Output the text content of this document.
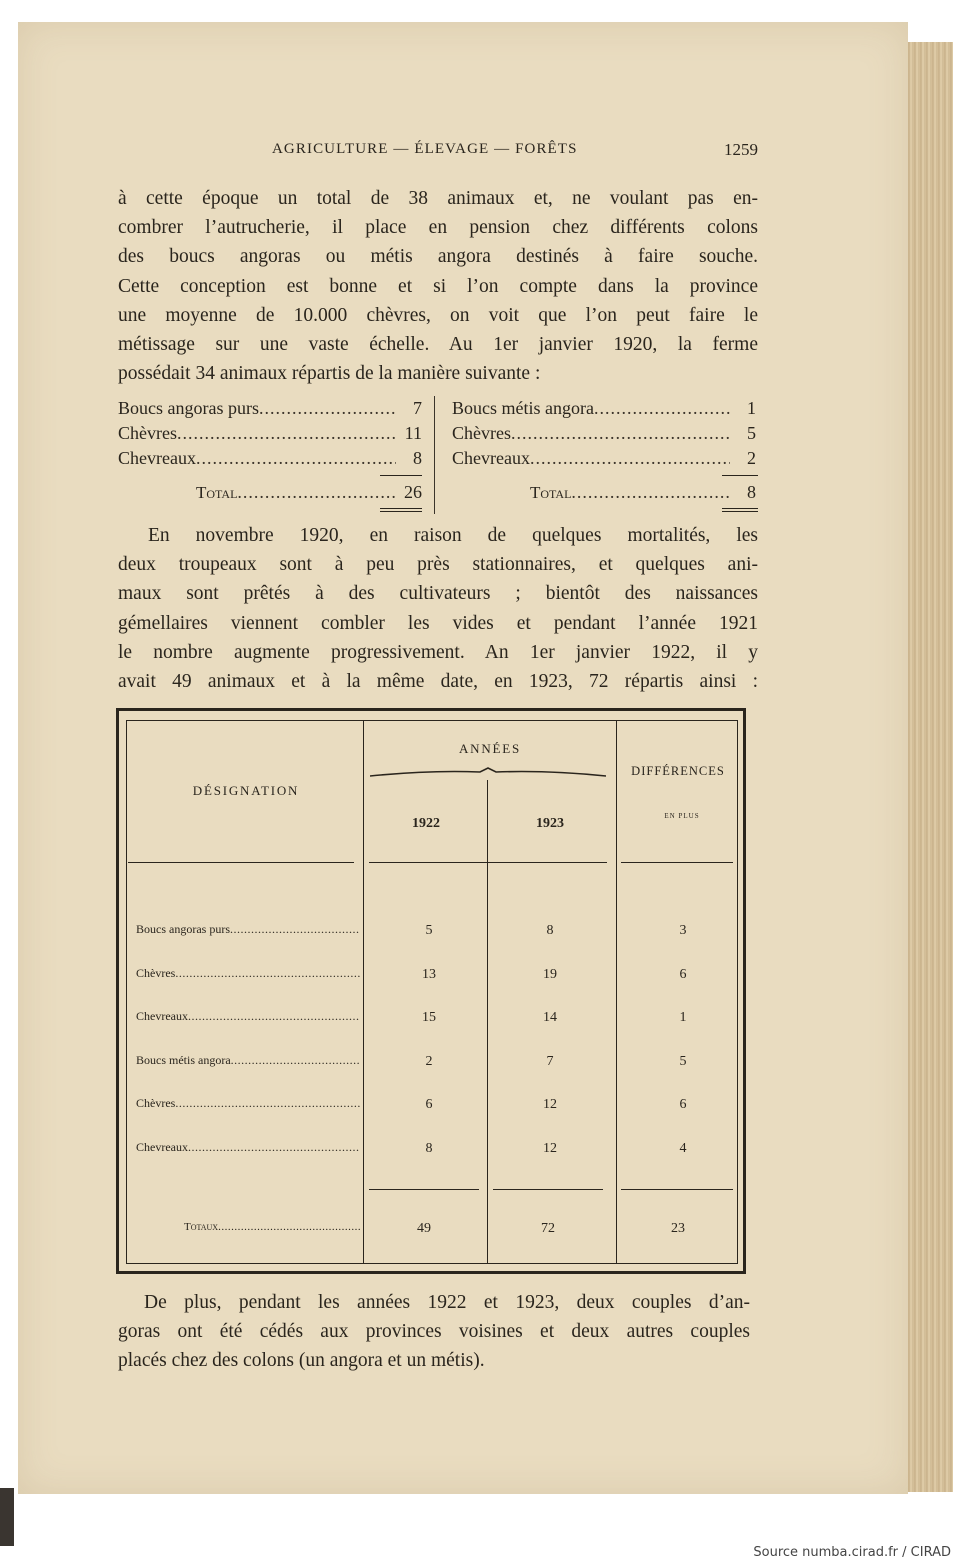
AGRICULTURE — ÉLEVAGE — FORÊTS	1259
à cette époque un total de 38 animaux et, ne voulant pas en-
combrer l’autrucherie, il place en pension chez différents colons
des boucs angoras ou métis angora destinés à faire souche.
Cette conception est bonne et si l’on compte dans la province
une moyenne de 10.000 chèvres, on voit que l’on peut faire le
métissage sur une vaste échelle. Au 1er janvier 1920, la ferme
possédait 34 animaux répartis de la manière suivante :
Boucs angoras purs .....	7
Chèvres .....	11
Chevreaux .....	8
Total .....	26
Boucs métis angora .....	1
Chèvres .....	5
Chevreaux .....	2
Total .....	8
En novembre 1920, en raison de quelques mortalités, les
deux troupeaux sont à peu près stationnaires, et quelques ani-
maux sont prêtés à des cultivateurs ; bientôt des naissances
gémellaires viennent combler les vides et pendant l’année 1921
le nombre augmente progressivement. An 1er janvier 1922, il y
avait 49 animaux et à la même date, en 1923, 72 répartis ainsi :
DÉSIGNATION
ANNÉES
1922	1923
DIFFÉRENCES
EN PLUS
Boucs angoras purs .....	5	8	3
Chèvres .....	13	19	6
Chevreaux .....	15	14	1
Boucs métis angora .....	2	7	5
Chèvres .....	6	12	6
Chevreaux .....	8	12	4
Totaux .....	49	72	23
De plus, pendant les années 1922 et 1923, deux couples d’an-
goras ont été cédés aux provinces voisines et deux autres couples
placés chez des colons (un angora et un métis).
Source numba.cirad.fr / CIRAD
